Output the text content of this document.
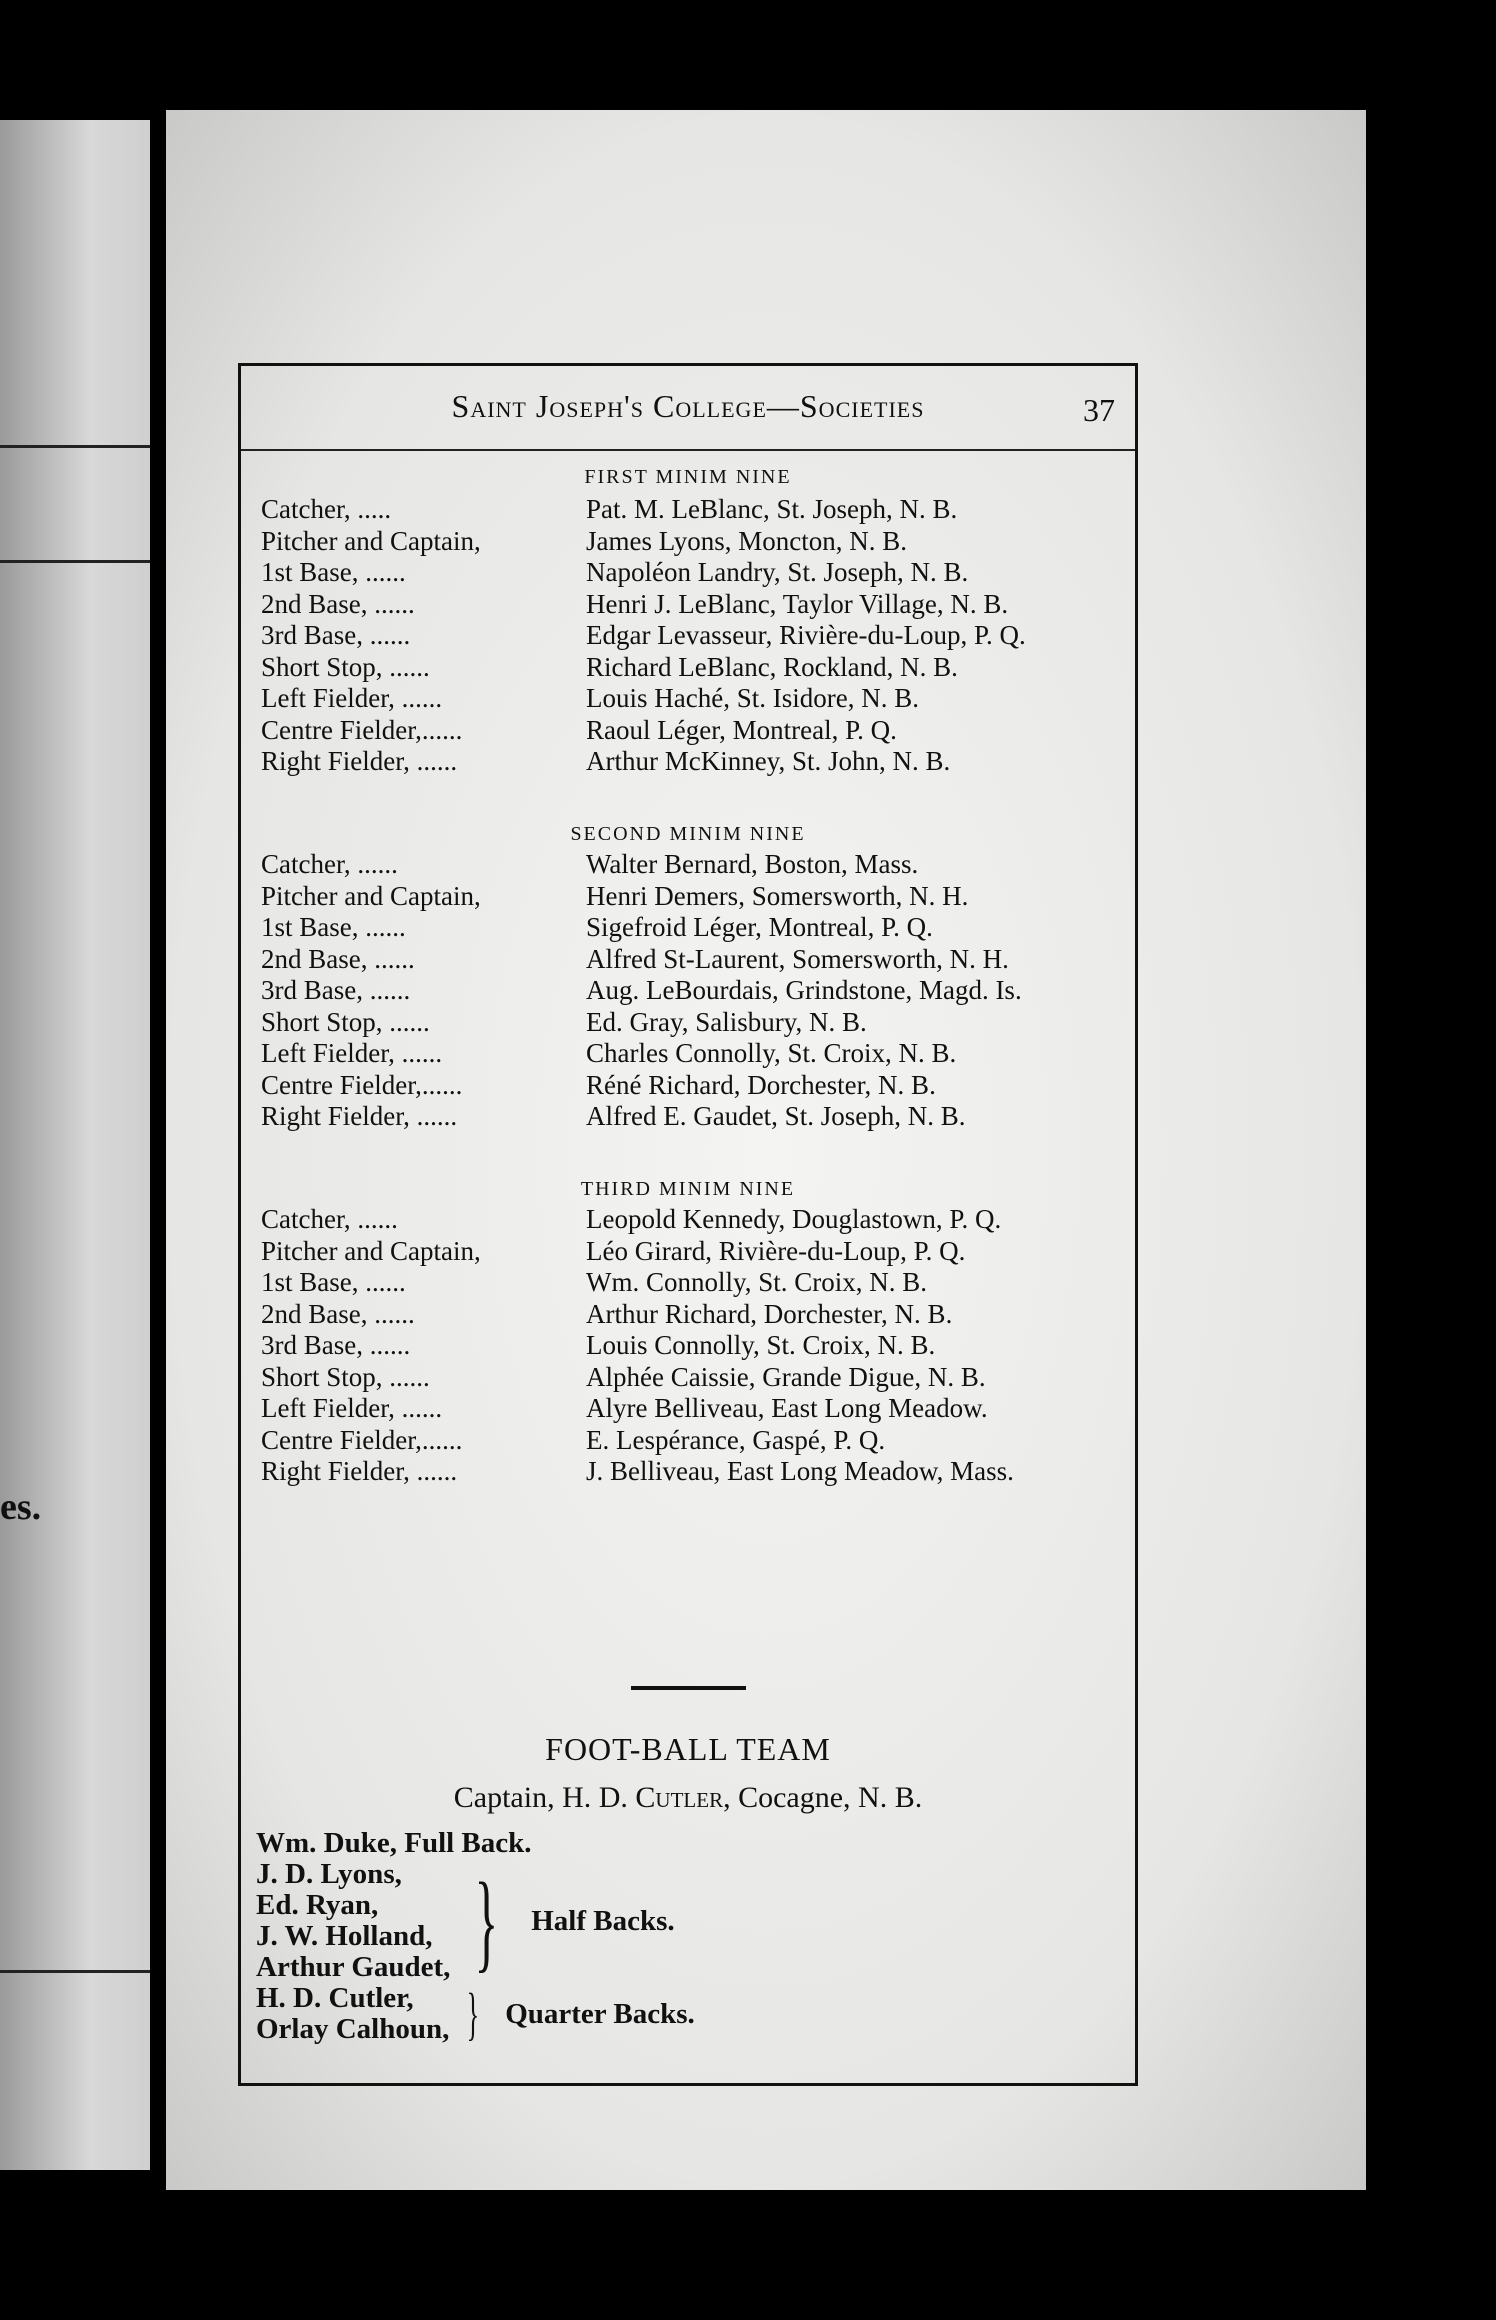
es.
Saint Joseph's College—Societies	37
FIRST MINIM NINE
Catcher, .....	Pat. M. LeBlanc, St. Joseph, N. B.
Pitcher and Captain,	James Lyons, Moncton, N. B.
1st Base, ......	Napoléon Landry, St. Joseph, N. B.
2nd Base, ......	Henri J. LeBlanc, Taylor Village, N. B.
3rd Base, ......	Edgar Levasseur, Rivière-du-Loup, P. Q.
Short Stop, ......	Richard LeBlanc, Rockland, N. B.
Left Fielder, ......	Louis Haché, St. Isidore, N. B.
Centre Fielder,......	Raoul Léger, Montreal, P. Q.
Right Fielder, ......	Arthur McKinney, St. John, N. B.
SECOND MINIM NINE
Catcher, ......	Walter Bernard, Boston, Mass.
Pitcher and Captain,	Henri Demers, Somersworth, N. H.
1st Base, ......	Sigefroid Léger, Montreal, P. Q.
2nd Base, ......	Alfred St-Laurent, Somersworth, N. H.
3rd Base, ......	Aug. LeBourdais, Grindstone, Magd. Is.
Short Stop, ......	Ed. Gray, Salisbury, N. B.
Left Fielder, ......	Charles Connolly, St. Croix, N. B.
Centre Fielder,......	Réné Richard, Dorchester, N. B.
Right Fielder, ......	Alfred E. Gaudet, St. Joseph, N. B.
THIRD MINIM NINE
Catcher, ......	Leopold Kennedy, Douglastown, P. Q.
Pitcher and Captain,	Léo Girard, Rivière-du-Loup, P. Q.
1st Base, ......	Wm. Connolly, St. Croix, N. B.
2nd Base, ......	Arthur Richard, Dorchester, N. B.
3rd Base, ......	Louis Connolly, St. Croix, N. B.
Short Stop, ......	Alphée Caissie, Grande Digue, N. B.
Left Fielder, ......	Alyre Belliveau, East Long Meadow.
Centre Fielder,......	E. Lespérance, Gaspé, P. Q.
Right Fielder, ......	J. Belliveau, East Long Meadow, Mass.
FOOT-BALL TEAM
Captain, H. D. Cutler, Cocagne, N. B.
Wm. Duke, Full Back.
J. D. Lyons,
Ed. Ryan,
J. W. Holland,
Arthur Gaudet, } Half Backs.
H. D. Cutler,
Orlay Calhoun, } Quarter Backs.
